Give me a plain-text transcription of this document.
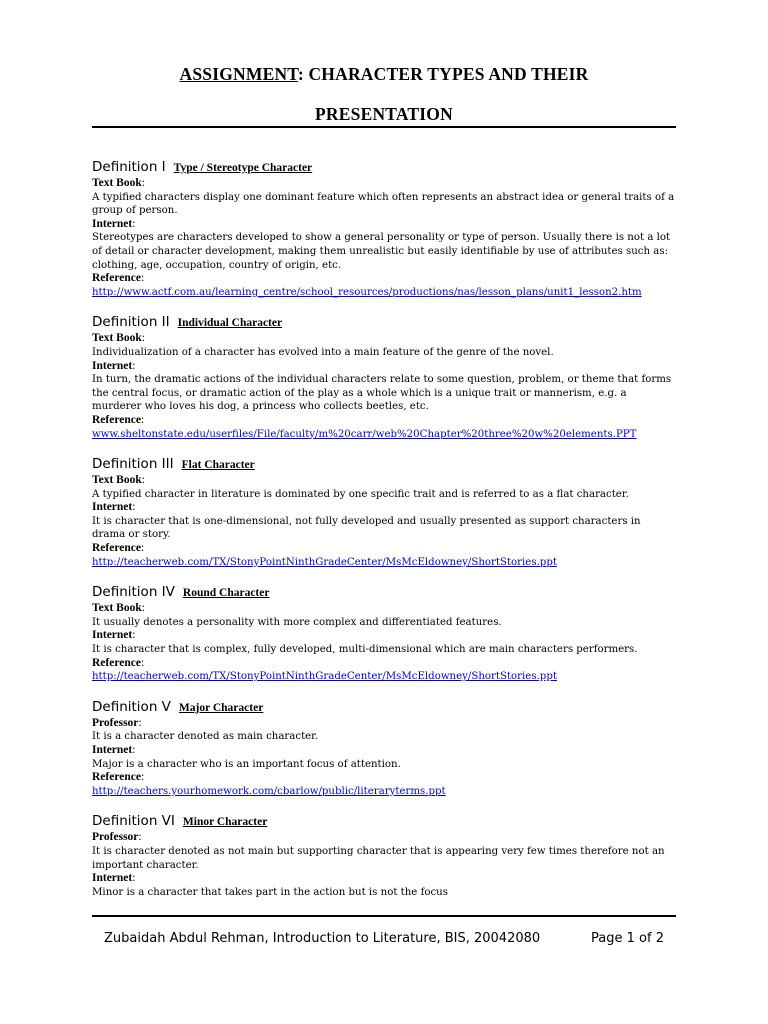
ASSIGNMENT: CHARACTER TYPES AND THEIR
PRESENTATION
Definition I Type / Stereotype Character
Text Book:
A typified characters display one dominant feature which often represents an abstract idea or general traits of a group of person.
Internet:
Stereotypes are characters developed to show a general personality or type of person. Usually there is not a lot of detail or character development, making them unrealistic but easily identifiable by use of attributes such as: clothing, age, occupation, country of origin, etc.
Reference:
http://www.actf.com.au/learning_centre/school_resources/productions/nas/lesson_plans/unit1_lesson2.htm
Definition II Individual Character
Text Book:
Individualization of a character has evolved into a main feature of the genre of the novel.
Internet:
In turn, the dramatic actions of the individual characters relate to some question, problem, or theme that forms the central focus, or dramatic action of the play as a whole which is a unique trait or mannerism, e.g. a murderer who loves his dog, a princess who collects beetles, etc.
Reference:
www.sheltonstate.edu/userfiles/File/faculty/m%20carr/web%20Chapter%20three%20w%20elements.PPT
Definition III Flat Character
Text Book:
A typified character in literature is dominated by one specific trait and is referred to as a flat character.
Internet:
It is character that is one-dimensional, not fully developed and usually presented as support characters in drama or story.
Reference:
http://teacherweb.com/TX/StonyPointNinthGradeCenter/MsMcEldowney/ShortStories.ppt
Definition IV Round Character
Text Book:
It usually denotes a personality with more complex and differentiated features.
Internet:
It is character that is complex, fully developed, multi-dimensional which are main characters performers.
Reference:
http://teacherweb.com/TX/StonyPointNinthGradeCenter/MsMcEldowney/ShortStories.ppt
Definition V Major Character
Professor:
It is a character denoted as main character.
Internet:
Major is a character who is an important focus of attention.
Reference:
http://teachers.yourhomework.com/cbarlow/public/literaryterms.ppt
Definition VI Minor Character
Professor:
It is character denoted as not main but supporting character that is appearing very few times therefore not an important character.
Internet:
Minor is a character that takes part in the action but is not the focus
Zubaidah Abdul Rehman, Introduction to Literature, BIS, 20042080	Page 1 of 2
